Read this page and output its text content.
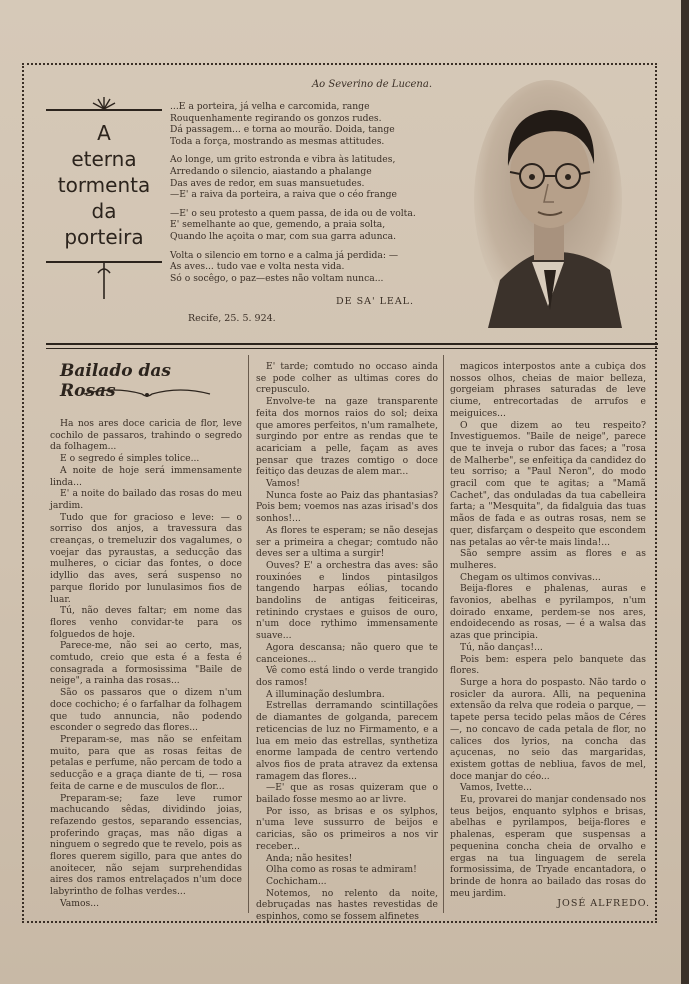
Ao Severino de Lucena.
A
eterna
tormenta
da
porteira
...E a porteira, já velha e carcomida, range
Rouquenhamente regirando os gonzos rudes.
Dá passagem... e torna ao mourão. Doida, tange
Toda a força, mostrando as mesmas attitudes.
Ao longe, um grito estronda e vibra às latitudes,
Arredando o silencio, aiastando a phalange
Das aves de redor, em suas mansuetudes.
—E' a raiva da porteira, a raiva que o céo frange
—E' o seu protesto a quem passa, de ida ou de volta.
E' semelhante ao que, gemendo, a praia solta,
Quando lhe açoita o mar, com sua garra adunca.
Volta o silencio em torno e a calma já perdida: —
As aves... tudo vae e volta nesta vida.
Só o socêgo, o paz—estes não voltam nunca...
DE SA' LEAL.
Recife, 25. 5. 924.
Bailado das Rosas

Ha nos ares doce caricia de flor, leve cochilo de passaros, trahindo o segredo da folhagem...

E o segredo é simples tolice...

A noite de hoje será immensamente linda...

E' a noite do bailado das rosas do meu jardim.

Tudo que for gracioso e leve: — o sorriso dos anjos, a travessura das creanças, o tremeluzir dos vagalumes, o voejar das pyraustas, a seducção das mulheres, o ciciar das fontes, o doce idyllio das aves, será suspenso no parque florido por lunulasimos fios de luar.

Tú, não deves faltar; em nome das flores venho convidar-te para os folguedos de hoje.

Parece-me, não sei ao certo, mas, comtudo, creio que esta é a festa é consagrada a formosissima "Baile de neige", a rainha das rosas...

São os passaros que o dizem n'um doce cochicho; é o farfalhar da folhagem que tudo annuncia, não podendo esconder o segredo das flores...

Preparam-se, mas não se enfeitam muito, para que as rosas feitas de petalas e perfume, não percam de todo a seducção e a graça diante de ti, — rosa feita de carne e de musculos de flor...

Preparam-se; faze leve rumor machucando sêdas, dividindo joias, refazendo gestos, separando essencias, proferindo graças, mas não digas a ninguem o segredo que te revelo, pois as flores querem sigillo, para que antes do anoitecer, não sejam surprehendidas aires dos ramos entrelaçados n'um doce labyrintho de folhas verdes...

Vamos...

E' tarde; comtudo no occaso ainda se pode colher as ultimas cores do crepusculo.

Envolve-te na gaze transparente feita dos mornos raios do sol; deixa que amores perfeitos, n'um ramalhete, surgindo por entre as rendas que te acariciam a pelle, façam as aves pensar que trazes comtigo o doce feitiço das deuzas de alem mar...

Vamos!

Nunca foste ao Paiz das phantasias? Pois bem; voemos nas azas irisad's dos sonhos!...

As flores te esperam; se não desejas ser a primeira a chegar; comtudo não deves ser a ultima a surgir!

Ouves? E' a orchestra das aves: são rouxinóes e lindos pintasilgos tangendo harpas eólias, tocando bandolins de antigas feiticeiras, retinindo crystaes e guisos de ouro, n'um doce rythimo immensamente suave...

Agora descansa; não quero que te canceiones...

Vê como está lindo o verde trangido dos ramos!

A illuminação deslumbra.

Estrellas derramando scintillações de diamantes de golganda, parecem reticencias de luz no Firmamento, e a lua em meio das estrellas, synthetiza enorme lampada de centro vertendo alvos fios de prata atravez da extensa ramagem das flores...

—E' que as rosas quizeram que o bailado fosse mesmo ao ar livre.

Por isso, as brisas e os sylphos, n'uma leve sussurro de beijos e caricias, são os primeiros a nos vir receber...

Anda; não hesites!

Olha como as rosas te admiram!

Cochicham...

Notemos, no relento da noite, debruçadas nas hastes revestidas de espinhos, como se fossem alfinetes

magicos interpostos ante a cubiça dos nossos olhos, cheias de maior belleza, gorgeiam phrases saturadas de leve ciume, entrecortadas de arrufos e meiguices...

O que dizem ao teu respeito? Investiguemos. "Baile de neige", parece que te inveja o rubor das faces; a "rosa de Malherbe", se enfeitiça da candidez do teu sorriso; a "Paul Neron", do modo gracil com que te agitas; a "Mamã Cachet", das onduladas da tua cabelleira farta; a "Mesquita", da fidalguia das tuas mãos de fada e as outras rosas, nem se quer, disfarçam o despeito que escondem nas petalas ao vêr-te mais linda!...

São sempre assim as flores e as mulheres.

Chegam os ultimos convivas...

Beija-flores e phalenas, auras e favonios, abelhas e pyrilampos, n'um doirado enxame, perdem-se nos ares, endoidecendo as rosas, — é a walsa das azas que principia.

Tú, não danças!...

Pois bem: espera pelo banquete das flores.

Surge a hora do pospasto. Não tardo o rosicler da aurora. Alli, na pequenina extensão da relva que rodeia o parque, — tapete persa tecido pelas mãos de Céres —, no concavo de cada petala de flor, no calices dos lyrios, na concha das açucenas, no seio das margaridas, existem gottas de nebliua, favos de mel, doce manjar do céo...

Vamos, Ivette...

Eu, provarei do manjar condensado nos teus beijos, enquanto sylphos e brisas, abelhas e pyrilampos, beija-flores e phalenas, esperam que suspensas a pequenina concha cheia de orvalho e ergas na tua linguagem de serela formosissima, de Tryade encantadora, o brinde de honra ao bailado das rosas do meu jardim.

JOSÉ ALFREDO.
